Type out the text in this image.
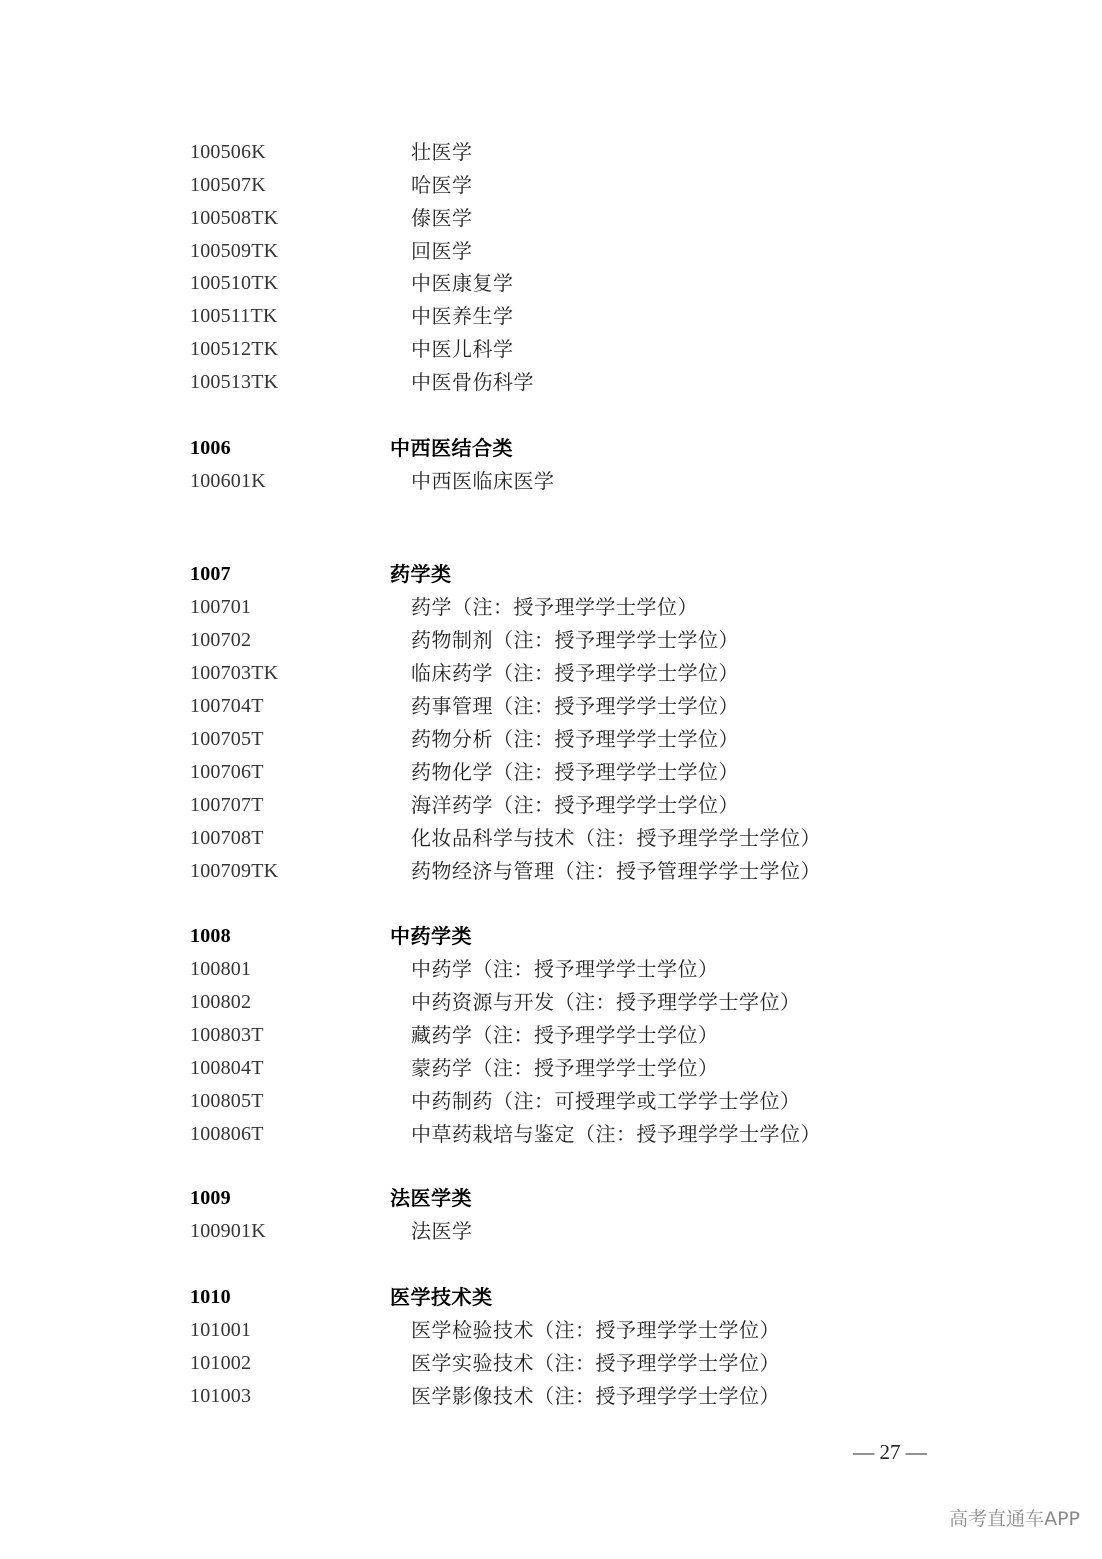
100506K	壮医学
100507K	哈医学
100508TK	傣医学
100509TK	回医学
100510TK	中医康复学
100511TK	中医养生学
100512TK	中医儿科学
100513TK	中医骨伤科学
1006	中西医结合类
100601K	中西医临床医学
1007	药学类
100701	药学（注：授予理学学士学位）
100702	药物制剂（注：授予理学学士学位）
100703TK	临床药学（注：授予理学学士学位）
100704T	药事管理（注：授予理学学士学位）
100705T	药物分析（注：授予理学学士学位）
100706T	药物化学（注：授予理学学士学位）
100707T	海洋药学（注：授予理学学士学位）
100708T	化妆品科学与技术（注：授予理学学士学位）
100709TK	药物经济与管理（注：授予管理学学士学位）
1008	中药学类
100801	中药学（注：授予理学学士学位）
100802	中药资源与开发（注：授予理学学士学位）
100803T	藏药学（注：授予理学学士学位）
100804T	蒙药学（注：授予理学学士学位）
100805T	中药制药（注：可授理学或工学学士学位）
100806T	中草药栽培与鉴定（注：授予理学学士学位）
1009	法医学类
100901K	法医学
1010	医学技术类
101001	医学检验技术（注：授予理学学士学位）
101002	医学实验技术（注：授予理学学士学位）
101003	医学影像技术（注：授予理学学士学位）
— 27 —
高考直通车APP
